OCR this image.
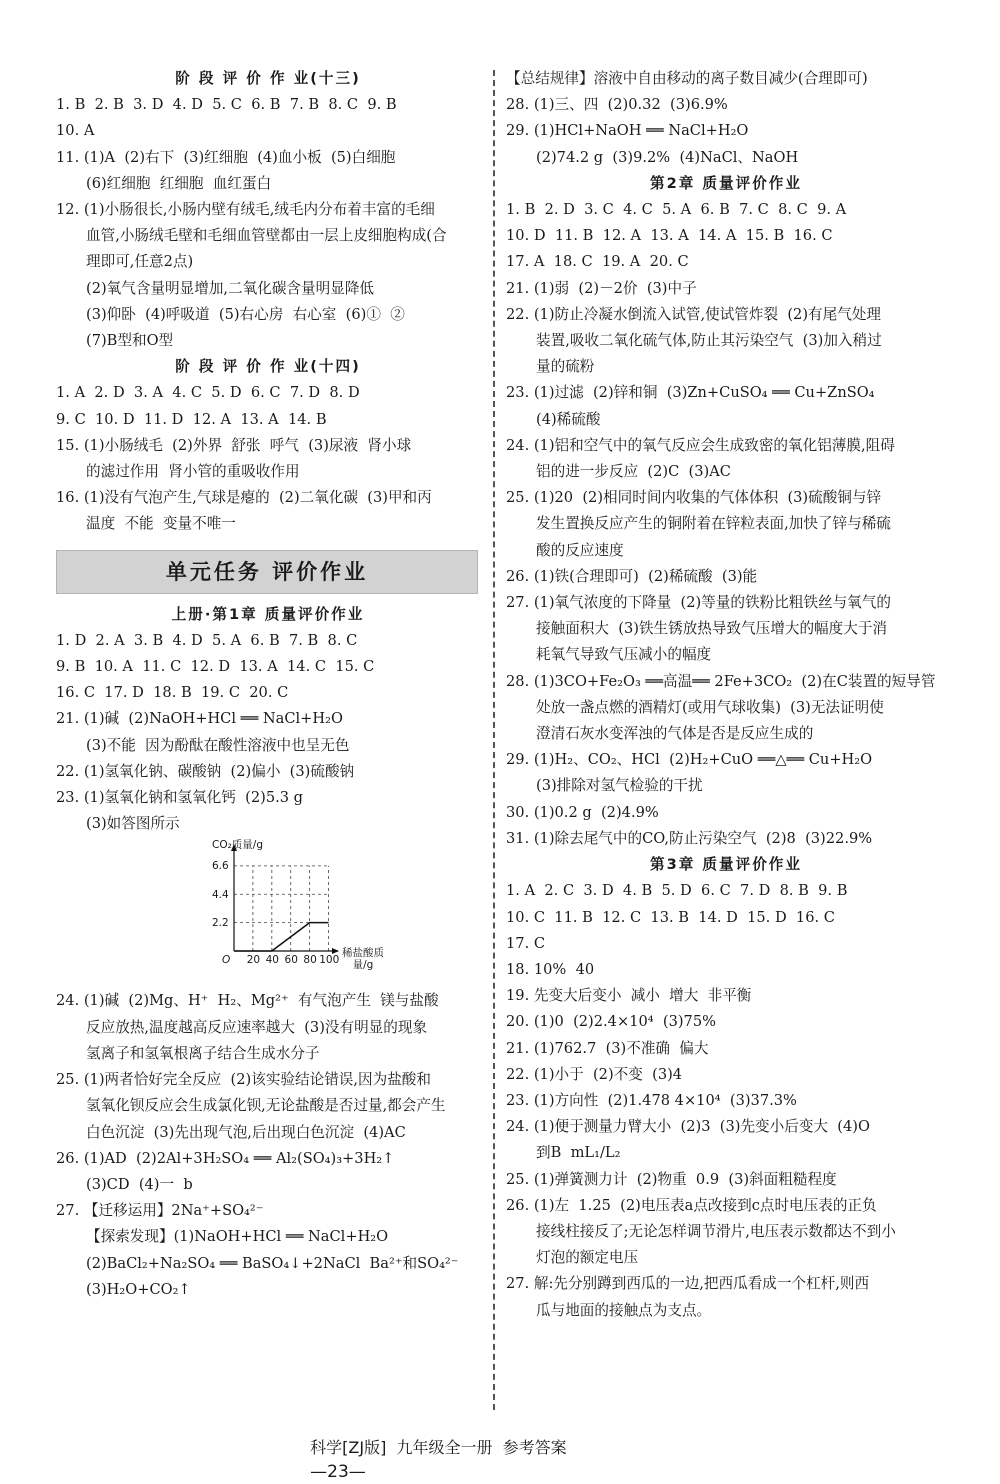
阶 段 评 价 作 业(十三)
1. B  2. B  3. D  4. D  5. C  6. B  7. B  8. C  9. B
10. A
11. (1)A  (2)右下  (3)红细胞  (4)血小板  (5)白细胞
(6)红细胞  红细胞  血红蛋白
12. (1)小肠很长,小肠内壁有绒毛,绒毛内分布着丰富的毛细
血管,小肠绒毛壁和毛细血管壁都由一层上皮细胞构成(合
理即可,任意2点)
(2)氧气含量明显增加,二氧化碳含量明显降低
(3)仰卧  (4)呼吸道  (5)右心房  右心室  (6)①  ②
(7)B型和O型
阶 段 评 价 作 业(十四)
1. A  2. D  3. A  4. C  5. D  6. C  7. D  8. D
9. C  10. D  11. D  12. A  13. A  14. B
15. (1)小肠绒毛  (2)外界  舒张  呼气  (3)尿液  肾小球
的滤过作用  肾小管的重吸收作用
16. (1)没有气泡产生,气球是瘪的  (2)二氧化碳  (3)甲和丙
温度  不能  变量不唯一
单元任务 评价作业
上册·第1章 质量评价作业
1. D  2. A  3. B  4. D  5. A  6. B  7. B  8. C
9. B  10. A  11. C  12. D  13. A  14. C  15. C
16. C  17. D  18. B  19. C  20. C
21. (1)碱  (2)NaOH+HCl ══ NaCl+H₂O
(3)不能  因为酚酞在酸性溶液中也呈无色
22. (1)氢氧化钠、碳酸钠  (2)偏小  (3)硫酸钠
23. (1)氢氧化钠和氢氧化钙  (2)5.3 g
(3)如答图所示
CO₂质量/g
2.2
4.4
6.6
O 20 40 60 80 100
稀盐酸质量/g
24. (1)碱  (2)Mg、H⁺  H₂、Mg²⁺  有气泡产生  镁与盐酸
反应放热,温度越高反应速率越大  (3)没有明显的现象
氢离子和氢氧根离子结合生成水分子
25. (1)两者恰好完全反应  (2)该实验结论错误,因为盐酸和
氢氧化钡反应会生成氯化钡,无论盐酸是否过量,都会产生
白色沉淀  (3)先出现气泡,后出现白色沉淀  (4)AC
26. (1)AD  (2)2Al+3H₂SO₄ ══ Al₂(SO₄)₃+3H₂↑
(3)CD  (4)一  b
27. 【迁移运用】2Na⁺+SO₄²⁻
【探索发现】(1)NaOH+HCl ══ NaCl+H₂O
(2)BaCl₂+Na₂SO₄ ══ BaSO₄↓+2NaCl  Ba²⁺和SO₄²⁻
(3)H₂O+CO₂↑
【总结规律】溶液中自由移动的离子数目减少(合理即可)
28. (1)三、四  (2)0.32  (3)6.9%
29. (1)HCl+NaOH ══ NaCl+H₂O
(2)74.2 g  (3)9.2%  (4)NaCl、NaOH
第2章 质量评价作业
1. B  2. D  3. C  4. C  5. A  6. B  7. C  8. C  9. A
10. D  11. B  12. A  13. A  14. A  15. B  16. C
17. A  18. C  19. A  20. C
21. (1)弱  (2)－2价  (3)中子
22. (1)防止冷凝水倒流入试管,使试管炸裂  (2)有尾气处理
装置,吸收二氧化硫气体,防止其污染空气  (3)加入稍过
量的硫粉
23. (1)过滤  (2)锌和铜  (3)Zn+CuSO₄ ══ Cu+ZnSO₄
(4)稀硫酸
24. (1)铝和空气中的氧气反应会生成致密的氧化铝薄膜,阻碍
铝的进一步反应  (2)C  (3)AC
25. (1)20  (2)相同时间内收集的气体体积  (3)硫酸铜与锌
发生置换反应产生的铜附着在锌粒表面,加快了锌与稀硫
酸的反应速度
26. (1)铁(合理即可)  (2)稀硫酸  (3)能
27. (1)氧气浓度的下降量  (2)等量的铁粉比粗铁丝与氧气的
接触面积大  (3)铁生锈放热导致气压增大的幅度大于消
耗氧气导致气压减小的幅度
28. (1)3CO+Fe₂O₃ ══高温══ 2Fe+3CO₂  (2)在C装置的短导管
处放一盏点燃的酒精灯(或用气球收集)  (3)无法证明使
澄清石灰水变浑浊的气体是否是反应生成的
29. (1)H₂、CO₂、HCl  (2)H₂+CuO ══△══ Cu+H₂O
(3)排除对氢气检验的干扰
30. (1)0.2 g  (2)4.9%
31. (1)除去尾气中的CO,防止污染空气  (2)8  (3)22.9%
第3章 质量评价作业
1. A  2. C  3. D  4. B  5. D  6. C  7. D  8. B  9. B
10. C  11. B  12. C  13. B  14. D  15. D  16. C
17. C
18. 10%  40
19. 先变大后变小  减小  增大  非平衡
20. (1)0  (2)2.4×10⁴  (3)75%
21. (1)762.7  (3)不准确  偏大
22. (1)小于  (2)不变  (3)4
23. (1)方向性  (2)1.478 4×10⁴  (3)37.3%
24. (1)便于测量力臂大小  (2)3  (3)先变小后变大  (4)O
到B  mL₁/L₂
25. (1)弹簧测力计  (2)物重  0.9  (3)斜面粗糙程度
26. (1)左  1.25  (2)电压表a点改接到c点时电压表的正负
接线柱接反了;无论怎样调节滑片,电压表示数都达不到小
灯泡的额定电压
27. 解:先分别蹲到西瓜的一边,把西瓜看成一个杠杆,则西
瓜与地面的接触点为支点。

科学[ZJ版]  九年级全一册  参考答案
—23—
